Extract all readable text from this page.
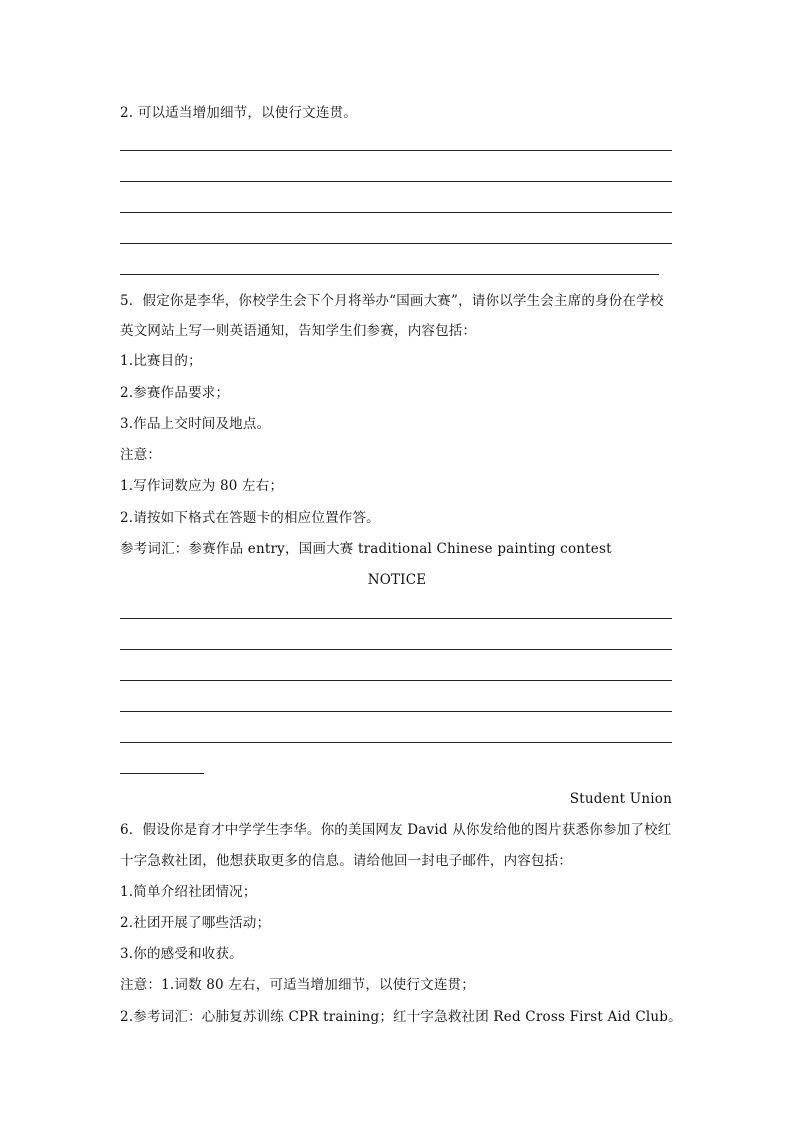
2. 可以适当增加细节，以使行文连贯。
5．假定你是李华，你校学生会下个月将举办“国画大赛”，请你以学生会主席的身份在学校
英文网站上写一则英语通知，告知学生们参赛，内容包括：
1.比赛目的；
2.参赛作品要求；
3.作品上交时间及地点。
注意：
1.写作词数应为 80 左右；
2.请按如下格式在答题卡的相应位置作答。
参考词汇：参赛作品 entry，国画大赛 traditional Chinese painting contest
NOTICE
Student Union
6．假设你是育才中学学生李华。你的美国网友 David 从你发给他的图片获悉你参加了校红
十字急救社团，他想获取更多的信息。请给他回一封电子邮件，内容包括：
1.简单介绍社团情况；
2.社团开展了哪些活动；
3.你的感受和收获。
注意：1.词数 80 左右，可适当增加细节，以使行文连贯；
2.参考词汇：心肺复苏训练 CPR training；红十字急救社团 Red Cross First Aid Club。
